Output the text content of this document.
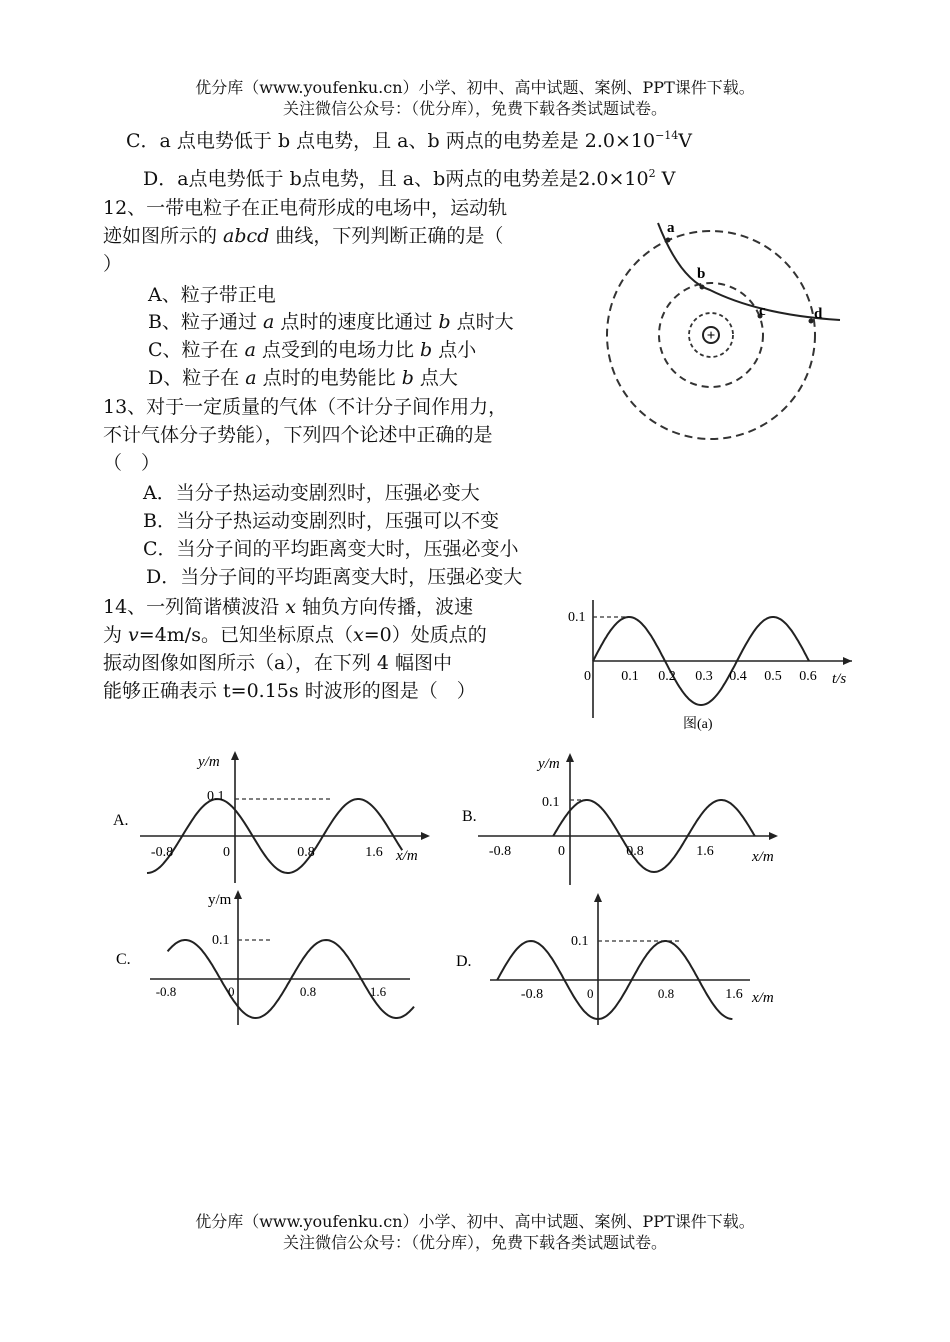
优分库（www.youfenku.cn）小学、初中、高中试题、案例、PPT课件下载。
关注微信公众号：（优分库），免费下载各类试题试卷。
C．a 点电势低于 b 点电势，且 a、b 两点的电势差是 $2.0\times 10^{-14}V$
D．a点电势低于 b点电势，且 a、b两点的电势差是$2.0\times 10^2$ V
12、一带电粒子在正电荷形成的电场中，运动轨
迹如图所示的 abcd 曲线，下列判断正确的是（
）
A、粒子带正电
B、粒子通过 a 点时的速度比通过 b 点时大
C、粒子在 a 点受到的电场力比 b 点小
D、粒子在 a 点时的电势能比 b 点大
+
a
b
c	d
13、对于一定质量的气体（不计分子间作用力，
不计气体分子势能），下列四个论述中正确的是
（　）
A．当分子热运动变剧烈时，压强必变大
B．当分子热运动变剧烈时，压强可以不变
C．当分子间的平均距离变大时，压强必变小
D．当分子间的平均距离变大时，压强必变大
14、一列简谐横波沿 x 轴负方向传播，波速
为 v=4m/s。已知坐标原点（x=0）处质点的
振动图像如图所示（a），在下列 4 幅图中
能够正确表示 t=0.15s 时波形的图是（　）
0.1
0 0.1 0.2 0.3 0.4 0.5 0.6 t/s
图(a)
A.
y/m
0.1
0
-0.8	0.8	1.6 x/m
B.
y/m
0.1
0
-0.8	0.8	1.6	x/m
C.
y/m
0.1
0
-0.8	0.8	1.6
D.
0.1
0
-0.8	0.8	1.6 x/m
优分库（www.youfenku.cn）小学、初中、高中试题、案例、PPT课件下载。
关注微信公众号：（优分库），免费下载各类试题试卷。
